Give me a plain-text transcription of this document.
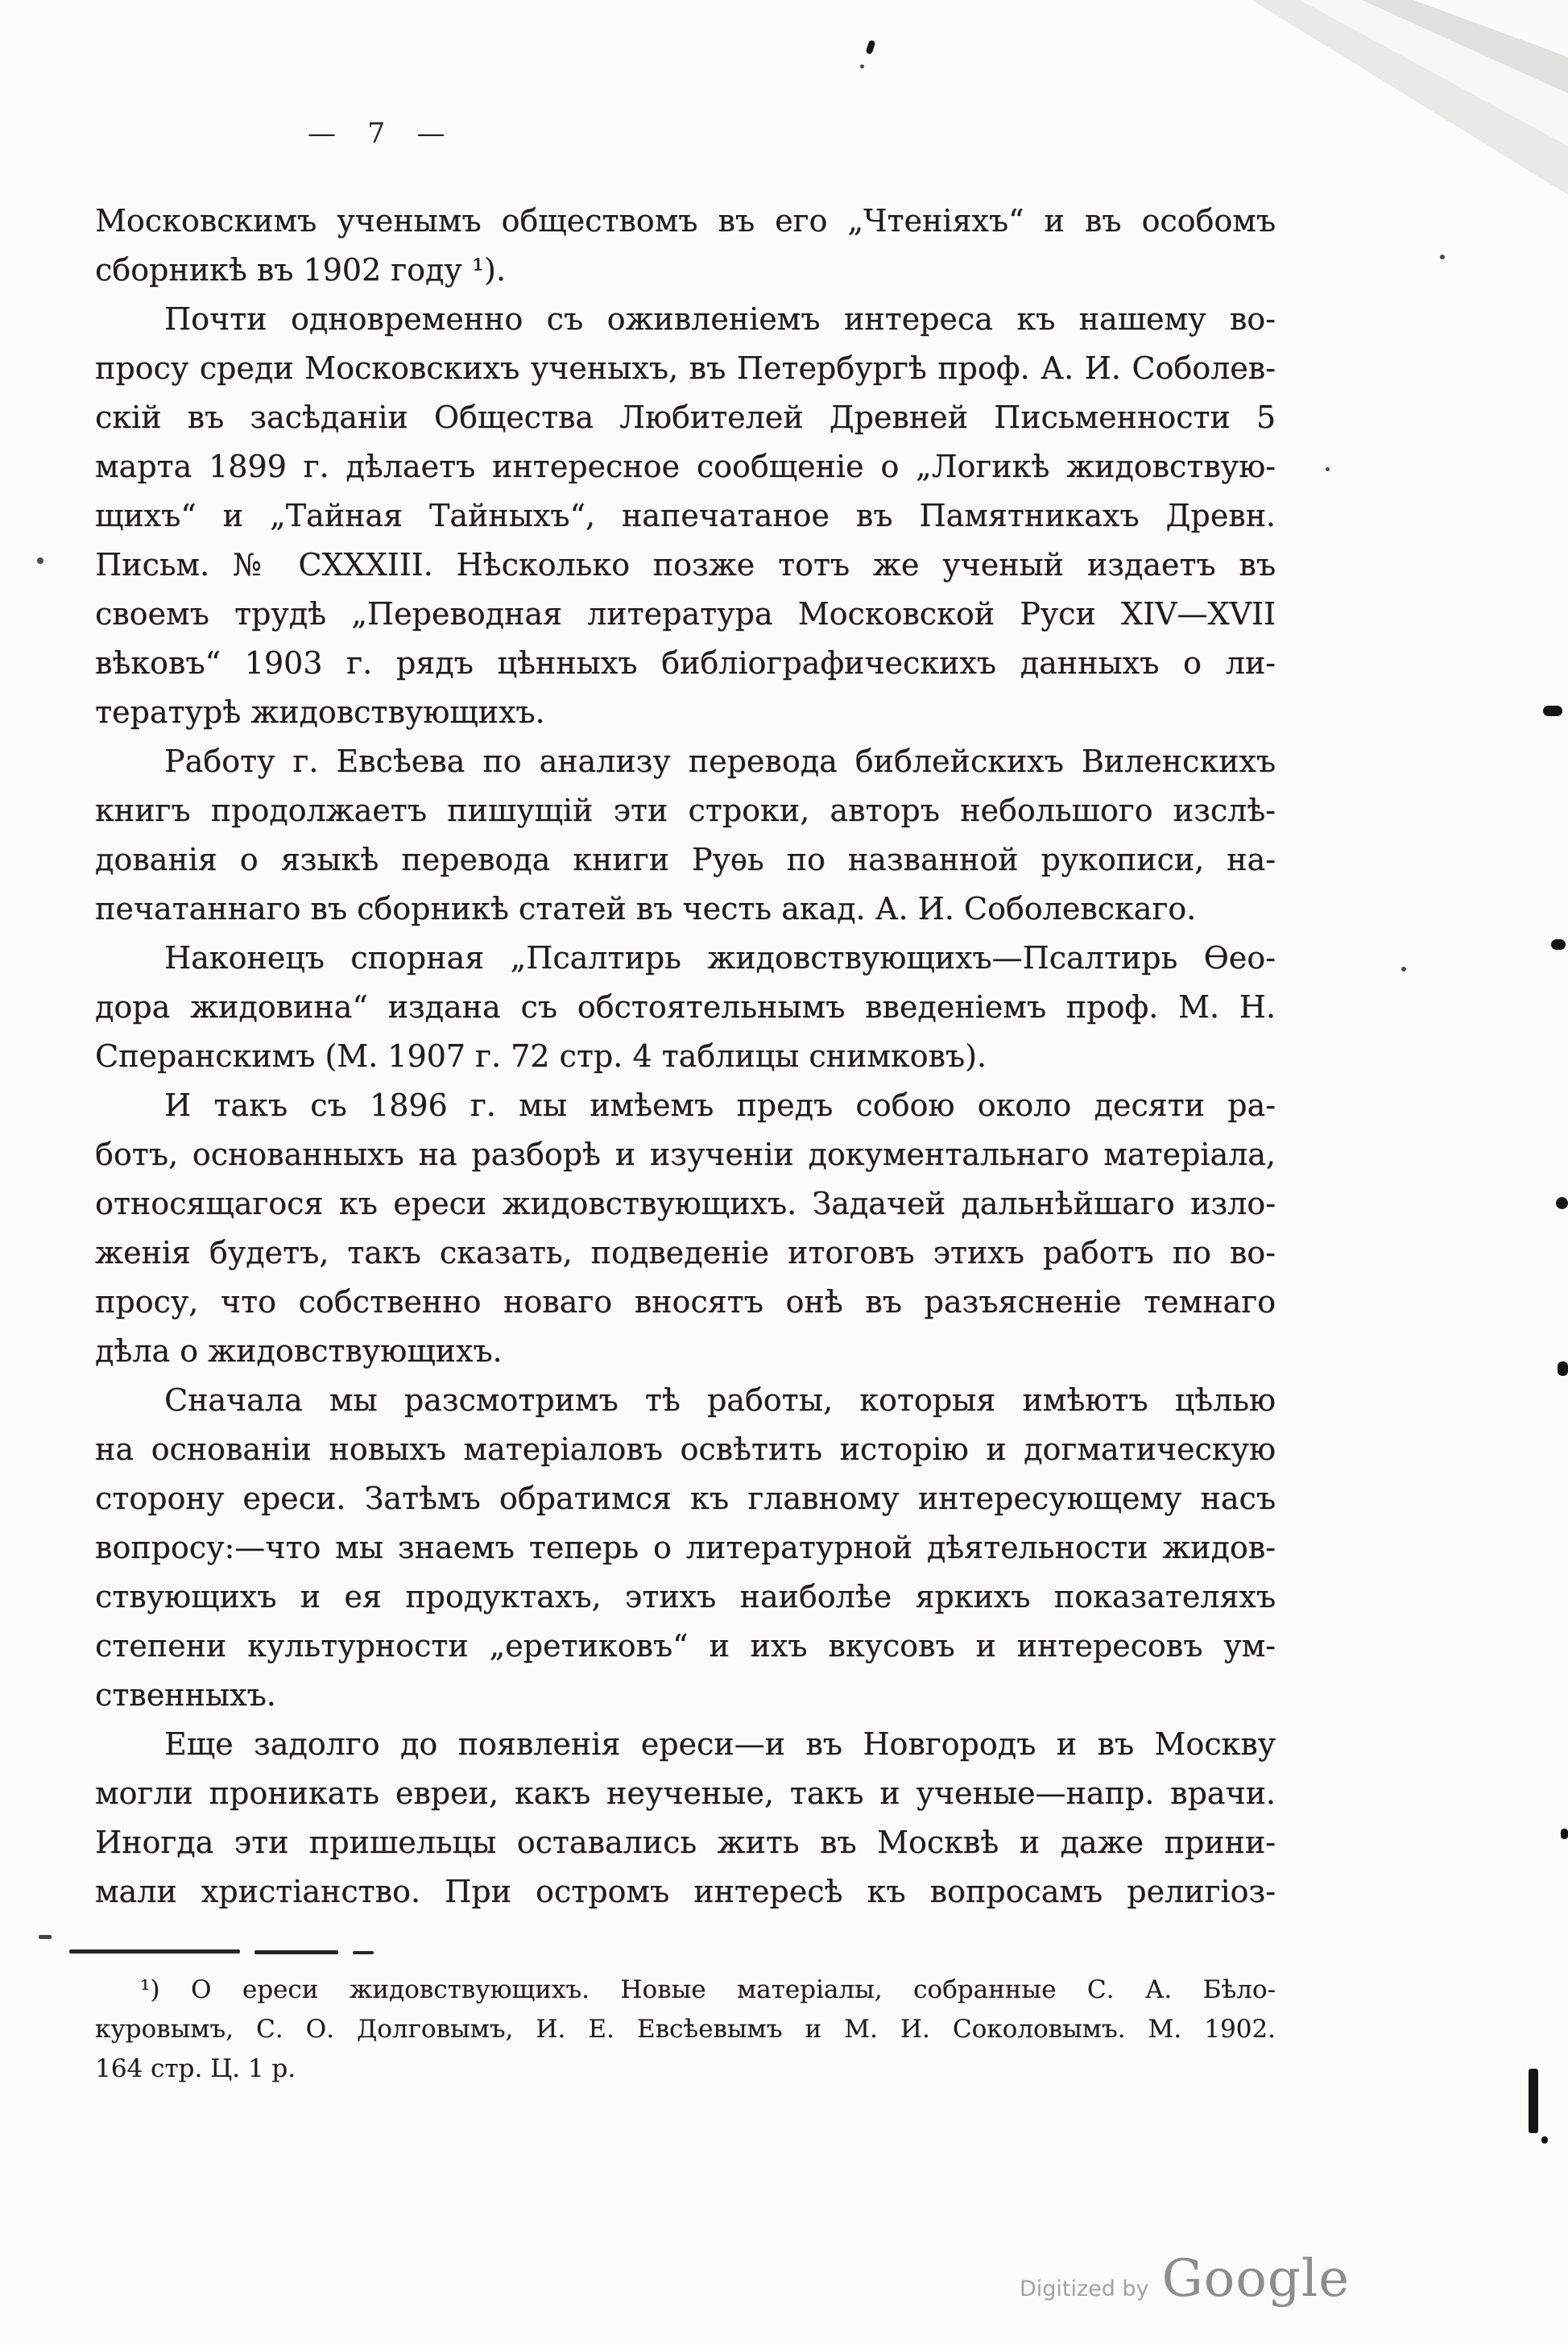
— 7 —
Московскимъ ученымъ обществомъ въ его „Чтеніяхъ“ и въ особомъ
сборникѣ въ 1902 году ¹).
Почти одновременно съ оживленіемъ интереса къ нашему во-
просу среди Московскихъ ученыхъ, въ Петербургѣ проф. А. И. Соболев-
скій въ засѣданіи Общества Любителей Древней Письменности 5
марта 1899 г. дѣлаетъ интересное сообщеніе о „Логикѣ жидовствую-
щихъ“ и „Тайная Тайныхъ“, напечатаное въ Памятникахъ Древн.
Письм. № CXXXIII. Нѣсколько позже тотъ же ученый издаетъ въ
своемъ трудѣ „Переводная литература Московской Руси XIV—XVII
вѣковъ“ 1903 г. рядъ цѣнныхъ библіографическихъ данныхъ о ли-
тературѣ жидовствующихъ.
Работу г. Евсѣева по анализу перевода библейскихъ Виленскихъ
книгъ продолжаетъ пишущій эти строки, авторъ небольшого изслѣ-
дованія о языкѣ перевода книги Руѳь по названной рукописи, на-
печатаннаго въ сборникѣ статей въ честь акад. А. И. Соболевскаго.
Наконецъ спорная „Псалтирь жидовствующихъ—Псалтирь Ѳео-
дора жидовина“ издана съ обстоятельнымъ введеніемъ проф. М. Н.
Сперанскимъ (М. 1907 г. 72 стр. 4 таблицы снимковъ).
И такъ съ 1896 г. мы имѣемъ предъ собою около десяти ра-
ботъ, основанныхъ на разборѣ и изученіи документальнаго матеріала,
относящагося къ ереси жидовствующихъ. Задачей дальнѣйшаго изло-
женія будетъ, такъ сказать, подведеніе итоговъ этихъ работъ по во-
просу, что собственно новаго вносятъ онѣ въ разъясненіе темнаго
дѣла о жидовствующихъ.
Сначала мы разсмотримъ тѣ работы, которыя имѣютъ цѣлью
на основаніи новыхъ матеріаловъ освѣтить исторію и догматическую
сторону ереси. Затѣмъ обратимся къ главному интересующему насъ
вопросу:—что мы знаемъ теперь о литературной дѣятельности жидов-
ствующихъ и ея продуктахъ, этихъ наиболѣе яркихъ показателяхъ
степени культурности „еретиковъ“ и ихъ вкусовъ и интересовъ ум-
ственныхъ.
Еще задолго до появленія ереси—и въ Новгородъ и въ Москву
могли проникать евреи, какъ неученые, такъ и ученые—напр. врачи.
Иногда эти пришельцы оставались жить въ Москвѣ и даже прини-
мали христіанство. При остромъ интересѣ къ вопросамъ религіоз-
¹) О ереси жидовствующихъ. Новые матеріалы, собранные С. А. Бѣло-
куровымъ, С. О. Долговымъ, И. Е. Евсѣевымъ и М. И. Соколовымъ. М. 1902.
164 стр. Ц. 1 р.
Digitized by Google
